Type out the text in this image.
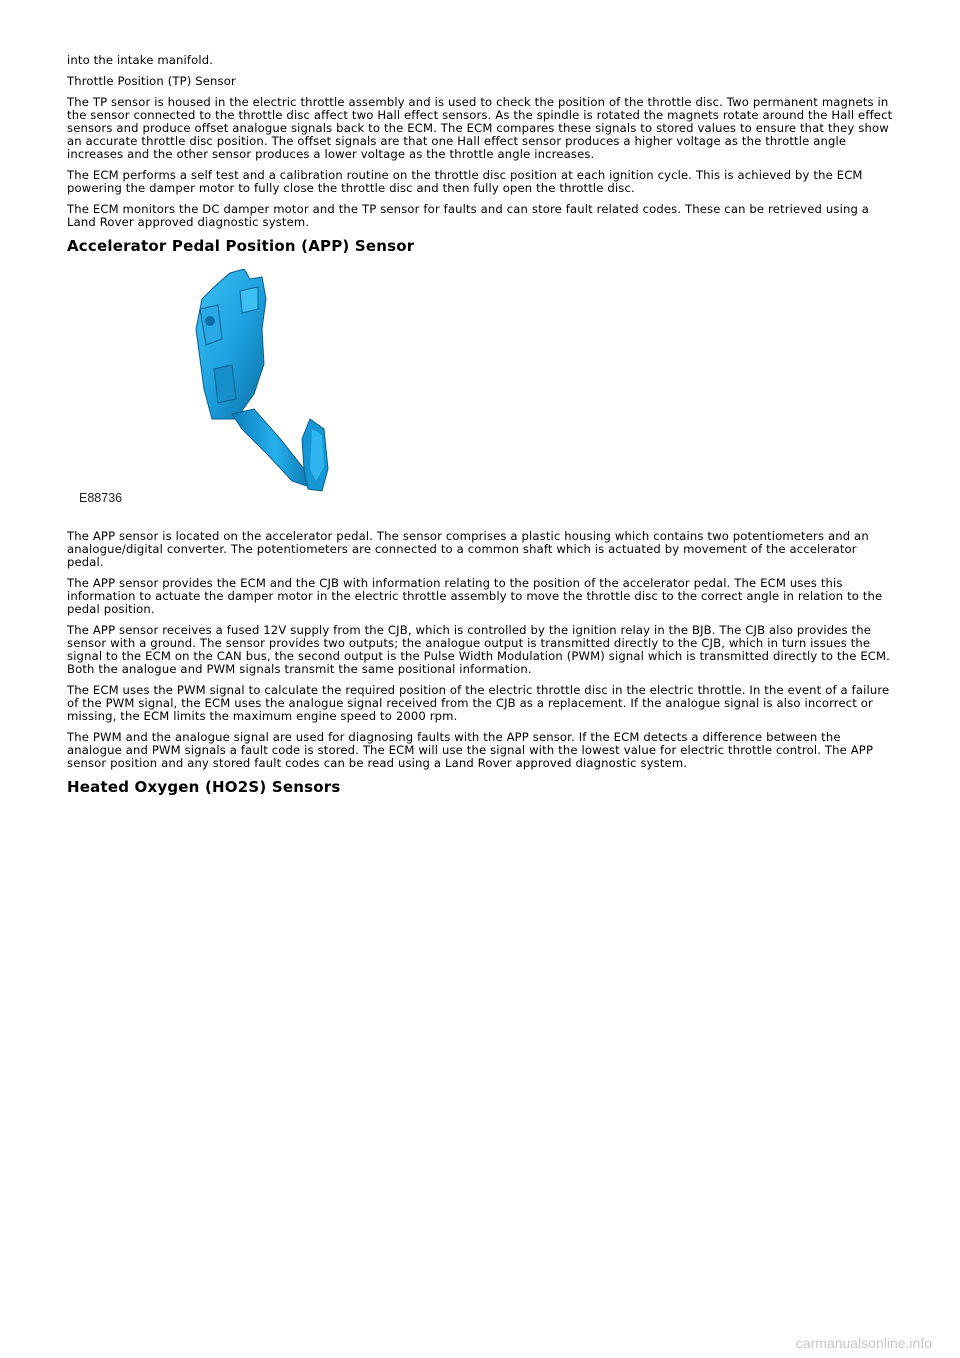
into the intake manifold.

Throttle Position (TP) Sensor

The TP sensor is housed in the electric throttle assembly and is used to check the position of the throttle disc. Two permanent magnets in the sensor connected to the throttle disc affect two Hall effect sensors. As the spindle is rotated the magnets rotate around the Hall effect sensors and produce offset analogue signals back to the ECM. The ECM compares these signals to stored values to ensure that they show an accurate throttle disc position. The offset signals are that one Hall effect sensor produces a higher voltage as the throttle angle increases and the other sensor produces a lower voltage as the throttle angle increases.

The ECM performs a self test and a calibration routine on the throttle disc position at each ignition cycle. This is achieved by the ECM powering the damper motor to fully close the throttle disc and then fully open the throttle disc.

The ECM monitors the DC damper motor and the TP sensor for faults and can store fault related codes. These can be retrieved using a Land Rover approved diagnostic system.

Accelerator Pedal Position (APP) Sensor
E88736

The APP sensor is located on the accelerator pedal. The sensor comprises a plastic housing which contains two potentiometers and an analogue/digital converter. The potentiometers are connected to a common shaft which is actuated by movement of the accelerator pedal.

The APP sensor provides the ECM and the CJB with information relating to the position of the accelerator pedal. The ECM uses this information to actuate the damper motor in the electric throttle assembly to move the throttle disc to the correct angle in relation to the pedal position.

The APP sensor receives a fused 12V supply from the CJB, which is controlled by the ignition relay in the BJB. The CJB also provides the sensor with a ground. The sensor provides two outputs; the analogue output is transmitted directly to the CJB, which in turn issues the signal to the ECM on the CAN bus, the second output is the Pulse Width Modulation (PWM) signal which is transmitted directly to the ECM. Both the analogue and PWM signals transmit the same positional information.

The ECM uses the PWM signal to calculate the required position of the electric throttle disc in the electric throttle. In the event of a failure of the PWM signal, the ECM uses the analogue signal received from the CJB as a replacement. If the analogue signal is also incorrect or missing, the ECM limits the maximum engine speed to 2000 rpm.

The PWM and the analogue signal are used for diagnosing faults with the APP sensor. If the ECM detects a difference between the analogue and PWM signals a fault code is stored. The ECM will use the signal with the lowest value for electric throttle control. The APP sensor position and any stored fault codes can be read using a Land Rover approved diagnostic system.

Heated Oxygen (HO2S) Sensors
carmanualsonline.info
